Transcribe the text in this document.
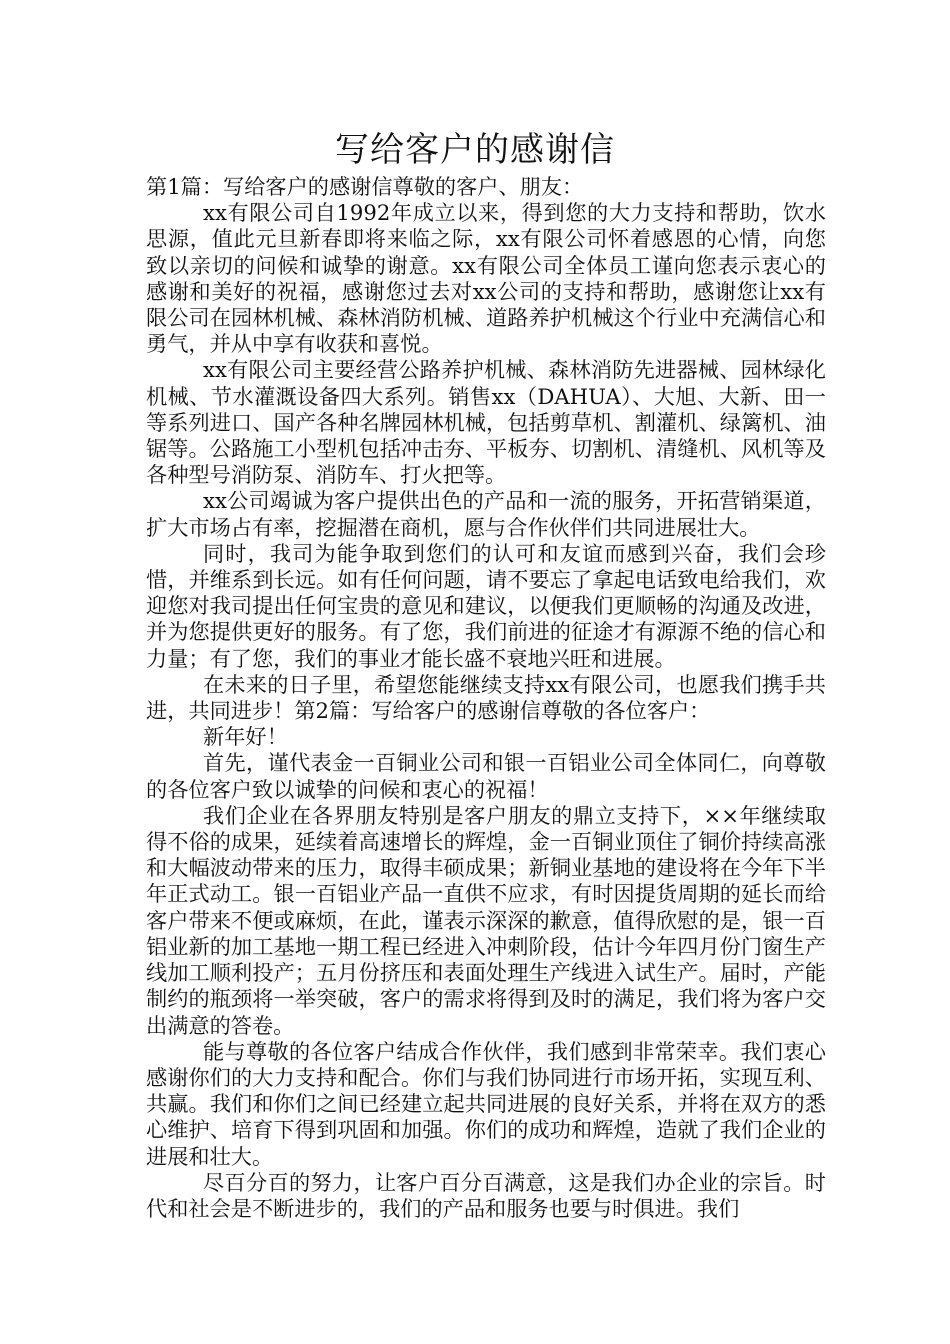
写给客户的感谢信

第1篇：写给客户的感谢信尊敬的客户、朋友：

xx有限公司自1992年成立以来，得到您的大力支持和帮助，饮水思源，值此元旦新春即将来临之际，xx有限公司怀着感恩的心情，向您致以亲切的问候和诚挚的谢意。xx有限公司全体员工谨向您表示衷心的感谢和美好的祝福，感谢您过去对xx公司的支持和帮助，感谢您让xx有限公司在园林机械、森林消防机械、道路养护机械这个行业中充满信心和勇气，并从中享有收获和喜悦。

xx有限公司主要经营公路养护机械、森林消防先进器械、园林绿化机械、节水灌溉设备四大系列。销售xx（DAHUA）、大旭、大新、田一等系列进口、国产各种名牌园林机械，包括剪草机、割灌机、绿篱机、油锯等。公路施工小型机包括冲击夯、平板夯、切割机、清缝机、风机等及各种型号消防泵、消防车、打火把等。

xx公司竭诚为客户提供出色的产品和一流的服务，开拓营销渠道，扩大市场占有率，挖掘潜在商机，愿与合作伙伴们共同进展壮大。

同时，我司为能争取到您们的认可和友谊而感到兴奋，我们会珍惜，并维系到长远。如有任何问题，请不要忘了拿起电话致电给我们，欢迎您对我司提出任何宝贵的意见和建议，以便我们更顺畅的沟通及改进，并为您提供更好的服务。有了您，我们前进的征途才有源源不绝的信心和力量；有了您，我们的事业才能长盛不衰地兴旺和进展。

在未来的日子里，希望您能继续支持xx有限公司，也愿我们携手共进，共同进步！第2篇：写给客户的感谢信尊敬的各位客户：

新年好！

首先，谨代表金一百铜业公司和银一百铝业公司全体同仁，向尊敬的各位客户致以诚挚的问候和衷心的祝福！

我们企业在各界朋友特别是客户朋友的鼎立支持下，××年继续取得不俗的成果，延续着高速增长的辉煌，金一百铜业顶住了铜价持续高涨和大幅波动带来的压力，取得丰硕成果；新铜业基地的建设将在今年下半年正式动工。银一百铝业产品一直供不应求，有时因提货周期的延长而给客户带来不便或麻烦，在此，谨表示深深的歉意，值得欣慰的是，银一百铝业新的加工基地一期工程已经进入冲刺阶段，估计今年四月份门窗生产线加工顺利投产；五月份挤压和表面处理生产线进入试生产。届时，产能制约的瓶颈将一举突破，客户的需求将得到及时的满足，我们将为客户交出满意的答卷。

能与尊敬的各位客户结成合作伙伴，我们感到非常荣幸。我们衷心感谢你们的大力支持和配合。你们与我们协同进行市场开拓，实现互利、共赢。我们和你们之间已经建立起共同进展的良好关系，并将在双方的悉心维护、培育下得到巩固和加强。你们的成功和辉煌，造就了我们企业的进展和壮大。

尽百分百的努力，让客户百分百满意，这是我们办企业的宗旨。时代和社会是不断进步的，我们的产品和服务也要与时俱进。我们
